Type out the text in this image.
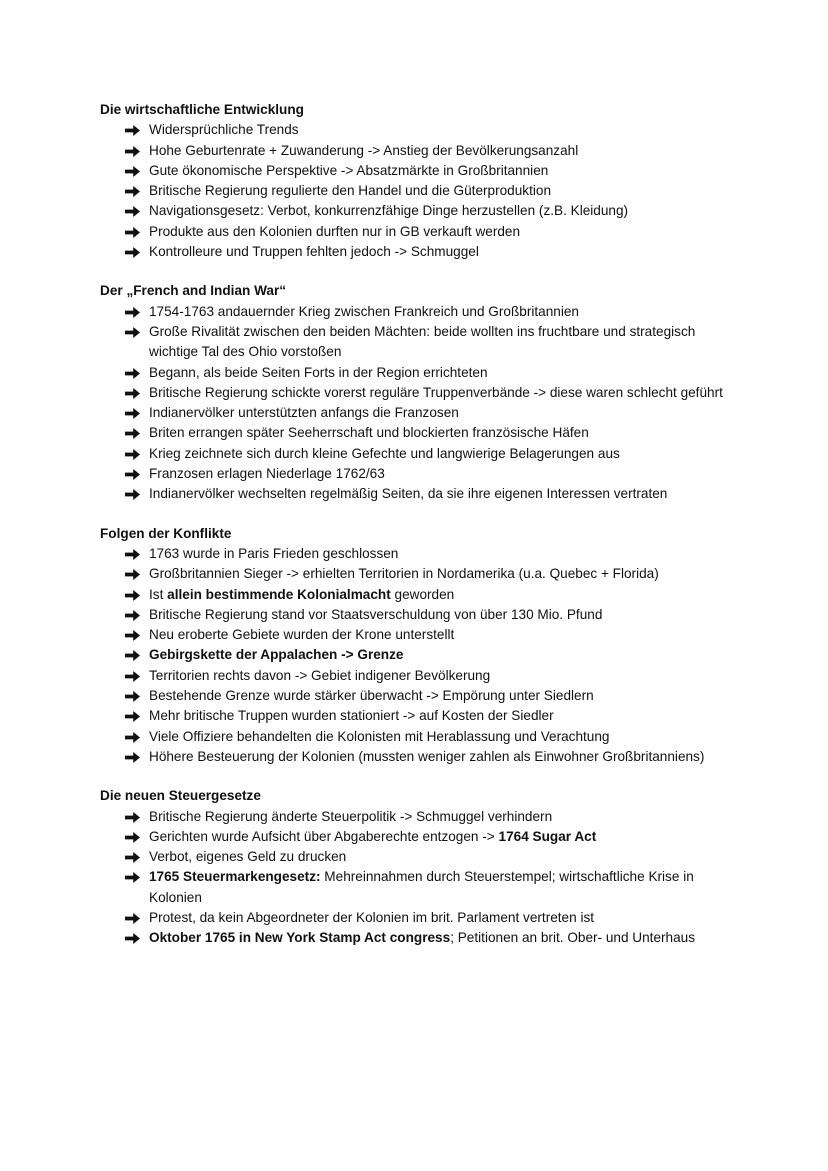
Die wirtschaftliche Entwicklung
Widersprüchliche Trends
Hohe Geburtenrate + Zuwanderung -> Anstieg der Bevölkerungsanzahl
Gute ökonomische Perspektive -> Absatzmärkte in Großbritannien
Britische Regierung regulierte den Handel und die Güterproduktion
Navigationsgesetz: Verbot, konkurrenzfähige Dinge herzustellen (z.B. Kleidung)
Produkte aus den Kolonien durften nur in GB verkauft werden
Kontrolleure und Truppen fehlten jedoch -> Schmuggel
Der „French and Indian War“
1754-1763 andauernder Krieg zwischen Frankreich und Großbritannien
Große Rivalität zwischen den beiden Mächten: beide wollten ins fruchtbare und strategisch wichtige Tal des Ohio vorstoßen
Begann, als beide Seiten Forts in der Region errichteten
Britische Regierung schickte vorerst reguläre Truppenverbände -> diese waren schlecht geführt
Indianervölker unterstützten anfangs die Franzosen
Briten errangen später Seeherrschaft und blockierten französische Häfen
Krieg zeichnete sich durch kleine Gefechte und langwierige Belagerungen aus
Franzosen erlagen Niederlage 1762/63
Indianervölker wechselten regelmäßig Seiten, da sie ihre eigenen Interessen vertraten
Folgen der Konflikte
1763 wurde in Paris Frieden geschlossen
Großbritannien Sieger -> erhielten Territorien in Nordamerika (u.a. Quebec + Florida)
Ist allein bestimmende Kolonialmacht geworden
Britische Regierung stand vor Staatsverschuldung von über 130 Mio. Pfund
Neu eroberte Gebiete wurden der Krone unterstellt
Gebirgskette der Appalachen -> Grenze
Territorien rechts davon -> Gebiet indigener Bevölkerung
Bestehende Grenze wurde stärker überwacht -> Empörung unter Siedlern
Mehr britische Truppen wurden stationiert -> auf Kosten der Siedler
Viele Offiziere behandelten die Kolonisten mit Herablassung und Verachtung
Höhere Besteuerung der Kolonien (mussten weniger zahlen als Einwohner Großbritanniens)
Die neuen Steuergesetze
Britische Regierung änderte Steuerpolitik -> Schmuggel verhindern
Gerichten wurde Aufsicht über Abgaberechte entzogen -> 1764 Sugar Act
Verbot, eigenes Geld zu drucken
1765 Steuermarkengesetz: Mehreinnahmen durch Steuerstempel; wirtschaftliche Krise in Kolonien
Protest, da kein Abgeordneter der Kolonien im brit. Parlament vertreten ist
Oktober 1765 in New York Stamp Act congress; Petitionen an brit. Ober- und Unterhaus
